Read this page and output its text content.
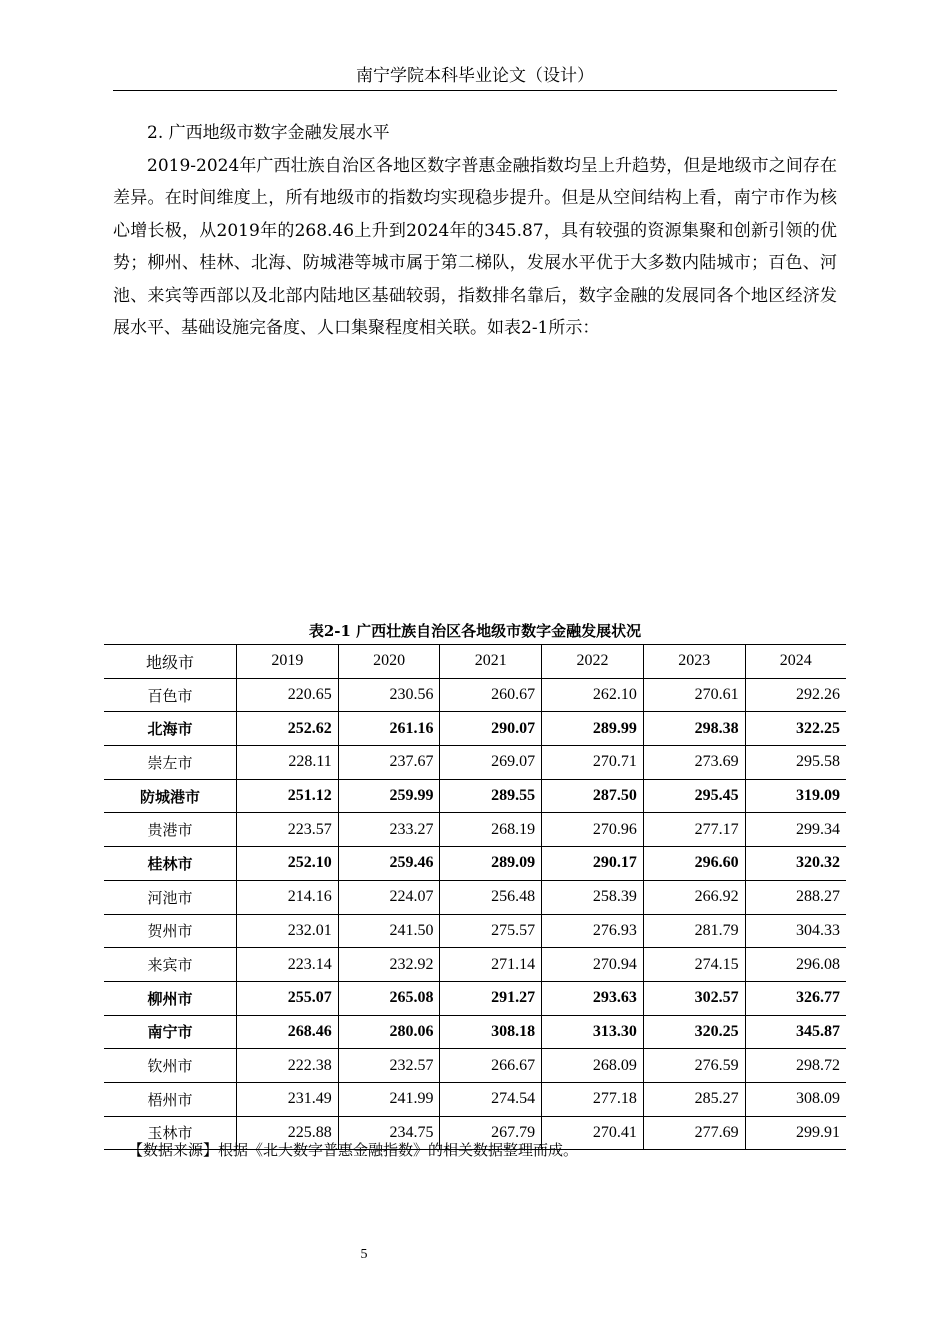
南宁学院本科毕业论文（设计）
2. 广西地级市数字金融发展水平

2019-2024年广西壮族自治区各地区数字普惠金融指数均呈上升趋势，但是地级市之间存在差异。在时间维度上，所有地级市的指数均实现稳步提升。但是从空间结构上看，南宁市作为核心增长极，从2019年的268.46上升到2024年的345.87，具有较强的资源集聚和创新引领的优势；柳州、桂林、北海、防城港等城市属于第二梯队，发展水平优于大多数内陆城市；百色、河池、来宾等西部以及北部内陆地区基础较弱，指数排名靠后，数字金融的发展同各个地区经济发展水平、基础设施完备度、人口集聚程度相关联。如表2-1所示：

表2-1 广西壮族自治区各地级市数字金融发展状况
地级市	2019	2020	2021	2022	2023	2024
百色市	220.65	230.56	260.67	262.10	270.61	292.26
北海市	252.62	261.16	290.07	289.99	298.38	322.25
崇左市	228.11	237.67	269.07	270.71	273.69	295.58
防城港市	251.12	259.99	289.55	287.50	295.45	319.09
贵港市	223.57	233.27	268.19	270.96	277.17	299.34
桂林市	252.10	259.46	289.09	290.17	296.60	320.32
河池市	214.16	224.07	256.48	258.39	266.92	288.27
贺州市	232.01	241.50	275.57	276.93	281.79	304.33
来宾市	223.14	232.92	271.14	270.94	274.15	296.08
柳州市	255.07	265.08	291.27	293.63	302.57	326.77
南宁市	268.46	280.06	308.18	313.30	320.25	345.87
钦州市	222.38	232.57	266.67	268.09	276.59	298.72
梧州市	231.49	241.99	274.54	277.18	285.27	308.09
玉林市	225.88	234.75	267.79	270.41	277.69	299.91
【数据来源】根据《北大数字普惠金融指数》的相关数据整理而成。
5
